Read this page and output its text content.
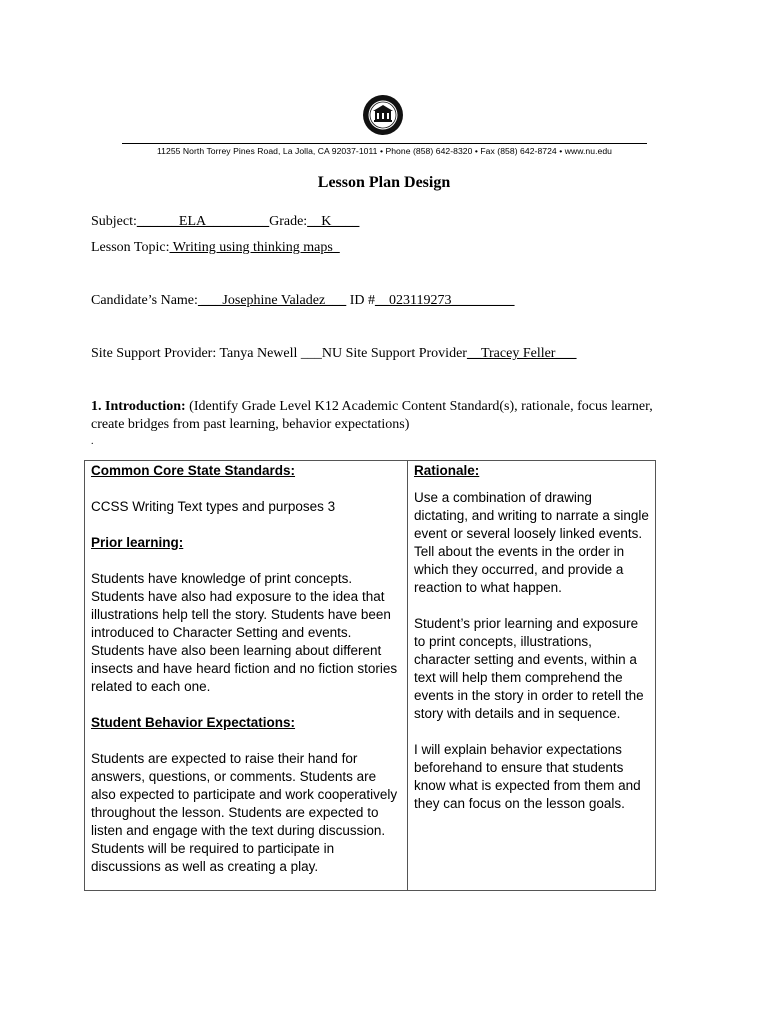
11255 North Torrey Pines Road, La Jolla, CA 92037-1011 • Phone (858) 642-8320 • Fax (858) 642-8724 • www.nu.edu
Lesson Plan Design
Subject:______ELA_________Grade:__K____
Lesson Topic: Writing using thinking maps
Candidate’s Name: ___Josephine Valadez___ ID #__023119273_________
Site Support Provider: Tanya Newell ___NU Site Support Provider__Tracey Feller___
1. Introduction: (Identify Grade Level K12 Academic Content Standard(s), rationale, focus learner, create bridges from past learning, behavior expectations)
.

Common Core State Standards:

CCSS Writing Text types and purposes 3

Prior learning:

Students have knowledge of print concepts. Students have also had exposure to the idea that illustrations help tell the story. Students have been introduced to Character Setting and events. Students have also been learning about different insects and have heard fiction and no fiction stories related to each one.

Student Behavior Expectations:

Students are expected to raise their hand for answers, questions, or comments. Students are also expected to participate and work cooperatively throughout the lesson. Students are expected to listen and engage with the text during discussion. Students will be required to participate in discussions as well as creating a play.

Rationale:

Use a combination of drawing dictating, and writing to narrate a single event or several loosely linked events. Tell about the events in the order in which they occurred, and provide a reaction to what happen.

Student’s prior learning and exposure to print concepts, illustrations, character setting and events, within a text will help them comprehend the events in the story in order to retell the story with details and in sequence.

I will explain behavior expectations beforehand to ensure that students know what is expected from them and they can focus on the lesson goals.
